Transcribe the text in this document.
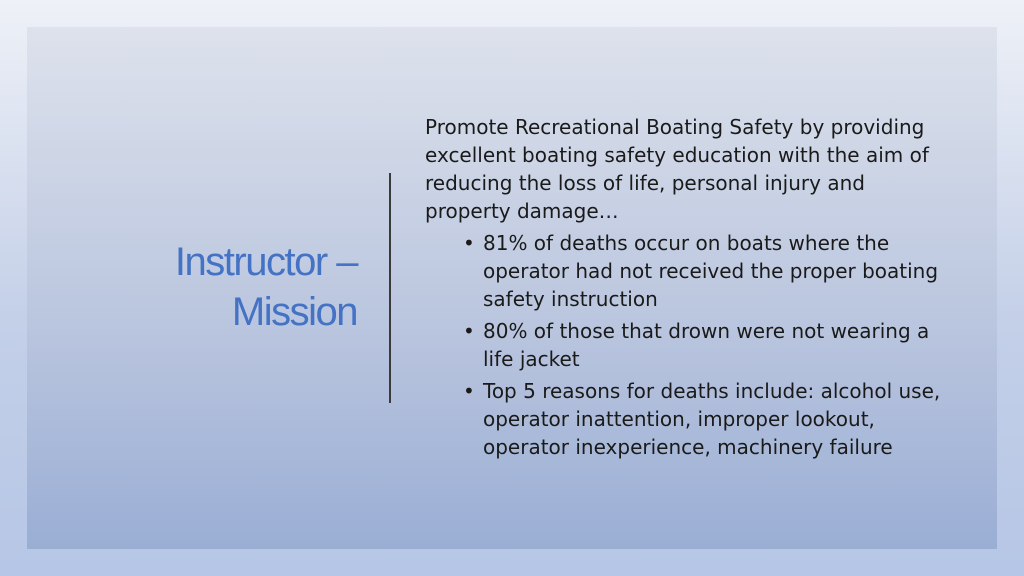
Instructor –
Mission

Promote Recreational Boating Safety by providing excellent boating safety education with the aim of reducing the loss of life, personal injury and property damage…

• 81% of deaths occur on boats where the operator had not received the proper boating safety instruction
• 80% of those that drown were not wearing a life jacket
• Top 5 reasons for deaths include: alcohol use, operator inattention, improper lookout, operator inexperience, machinery failure
